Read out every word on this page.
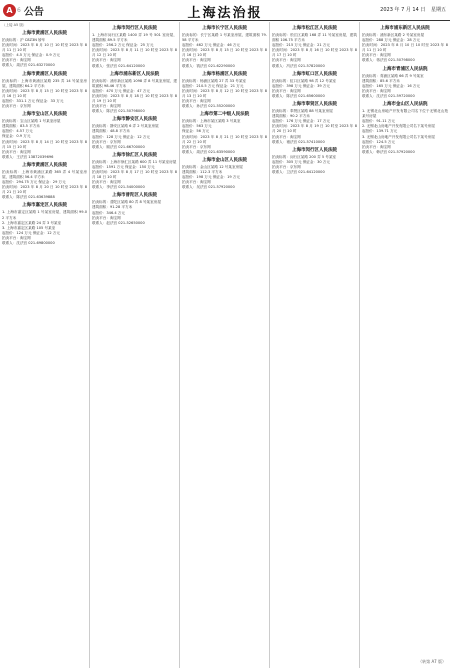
A 6 公告	上海法治报	2023 年 7 月 14 日 星期五
（上接 A5 版）
上海市黄浦区人民法院
拍卖标的：沪 C8Z3N 轿车
拍卖时间：2023 年 8 月 10 日 10 时至 2023 年 8 月 11 日 10 时
起拍价：4.5 万元 保证金：0.9 万元
拍卖平台：淘宝网
联系人：周法官 021-63270000
上海市黄浦区人民法院
拍卖标的：上海市黄浦区某路 235 弄 14 号某室房屋，建筑面积 64.2 平方米
拍卖时间：2023 年 8 月 15 日 10 时至 2023 年 8 月 16 日 10 时
起拍价：331.1 万元 保证金：33 万元
拍卖平台：京东网
上海市宝山区人民法院
拍卖标的：宝山区某路 1 号某室房屋
建筑面积：83.5 平方米
起拍价：4.57 万元
保证金：0.9 万元
拍卖时间：2023 年 8 月 14 日 10 时至 2023 年 8 月 15 日 10 时
拍卖平台：淘宝网
联系人：王法官 13872039696
上海市黄浦区人民法院
拍卖标的：上海市黄浦区某路 365 弄 4 号某室房屋，建筑面积 56.4 平方米
起拍价：294.75 万元 保证金：29 万元
拍卖时间：2023 年 8 月 20 日 10 时至 2023 年 8 月 21 日 10 时
联系人：陈法官 021-63639888
上海市嘉定区人民法院
1. 上海市嘉定区某路 1 号某室房屋，建筑面积 99.02 平方米
2. 上海市嘉定区某路 24 弄 3 号某室
3. 上海市嘉定区某路 105 号某室
起拍价：124 万元 保证金：12 万元
拍卖平台：淘宝网
联系人：沈法官 021-69800000
上海市闵行区人民法院
1. 上海市闵行区某路 1400 弄 19 号 501 室房屋，建筑面积 89.5 平方米
起拍价：256.2 万元 保证金：25 万元
拍卖时间：2023 年 8 月 11 日 10 时至 2023 年 8 月 12 日 10 时
拍卖平台：淘宝网
联系人：张法官 021-64120000
上海市浦东新区人民法院
拍卖标的：浦东新区某路 1098 弄 8 号某室房屋，建筑面积 98.46 平方米
起拍价：470 万元 保证金：47 万元
拍卖时间：2023 年 8 月 18 日 10 时至 2023 年 8 月 19 日 10 时
拍卖平台：淘宝网
联系人：陈法官 021-50798000
上海市静安区人民法院
拍卖标的：静安区某路 6 弄 2 号某室房屋
建筑面积：48.8 平方米
起拍价：128 万元 保证金：12 万元
拍卖平台：京东网
联系人：顾法官 021-66700000
上海市徐汇区人民法院
拍卖标的：上海市徐汇区某路 600 弄 11 号某室房屋
起拍价：1591 万元 保证金：150 万元
拍卖时间：2023 年 8 月 17 日 10 时至 2023 年 8 月 18 日 10 时
拍卖平台：淘宝网
联系人：李法官 021-54000000
上海市普陀区人民法院
拍卖标的：普陀区某路 80 弄 8 号某室房屋
建筑面积：91.28 平方米
起拍价：346.4 万元
拍卖平台：淘宝网
联系人：赵法官 021-52650000
上海市长宁区人民法院
拍卖标的：长宁区某路 1 号某室房屋，建筑面积 79.58 平方米
起拍价：462 万元 保证金：46 万元
拍卖时间：2023 年 8 月 15 日 10 时至 2023 年 8 月 16 日 10 时
拍卖平台：淘宝网
联系人：钱法官 021-62290000
上海市杨浦区人民法院
拍卖标的：杨浦区某路 27 弄 33 号某室
起拍价：210.5 万元 保证金：21 万元
拍卖时间：2023 年 8 月 12 日 10 时至 2023 年 8 月 13 日 10 时
拍卖平台：淘宝网
联系人：孙法官 021-55200000
上海市第二中级人民法院
拍卖标的：上海市某区某路 3 号某室
起拍价：563 万元
保证金：56 万元
拍卖时间：2023 年 8 月 21 日 10 时至 2023 年 8 月 22 日 10 时
拍卖平台：京东网
联系人：周法官 021-63590000
上海市金山区人民法院
拍卖标的：金山区某路 12 号某室房屋
建筑面积：112.3 平方米
起拍价：198 万元 保证金：19 万元
拍卖平台：淘宝网
联系人：吴法官 021-57920000
上海市松江区人民法院
拍卖标的：松江区某路 168 弄 11 号某室房屋，建筑面积 106.75 平方米
起拍价：215 万元 保证金：21 万元
拍卖时间：2023 年 8 月 16 日 10 时至 2023 年 8 月 17 日 10 时
拍卖平台：淘宝网
联系人：冯法官 021-57820000
上海市虹口区人民法院
拍卖标的：虹口区某路 98 弄 12 号某室
起拍价：398 万元 保证金：39 万元
拍卖平台：淘宝网
联系人：陈法官 021-65600000
上海市奉贤区人民法院
拍卖标的：奉贤区某路 88 号某室房屋
建筑面积：90.2 平方米
起拍价：176 万元 保证金：17 万元
拍卖时间：2023 年 8 月 19 日 10 时至 2023 年 8 月 20 日 10 时
拍卖平台：淘宝网
联系人：褚法官 021-57410000
上海市闵行区人民法院
拍卖标的：闵行区某路 200 弄 5 号某室
起拍价：305 万元 保证金：30 万元
拍卖平台：京东网
联系人：卫法官 021-64120000
上海市浦东新区人民法院
拍卖标的：浦东新区某路 2 号某室房屋
起拍价：288 万元 保证金：28 万元
拍卖时间：2023 年 8 月 10 日 10 时至 2023 年 8 月 11 日 10 时
拍卖平台：淘宝网
联系人：蒋法官 021-50798000
上海市青浦区人民法院
拍卖标的：青浦区某路 66 弄 9 号某室
建筑面积：85.6 平方米
起拍价：165 万元 保证金：16 万元
拍卖平台：淘宝网
联系人：沈法官 021-59720000
上海市金山区人民法院
1. 无锡北山房地产开发有限公司名下位于无锡北山苑某号房屋
起拍价：91.11 万元
2. 无锡北山房地产开发有限公司名下某号房屋
起拍价：139.71 万元
3. 无锡北山房地产开发有限公司名下某号房屋
起拍价：124.5 万元
拍卖平台：淘宝网
联系人：韩法官 021-57920000
（转第 A7 版）
